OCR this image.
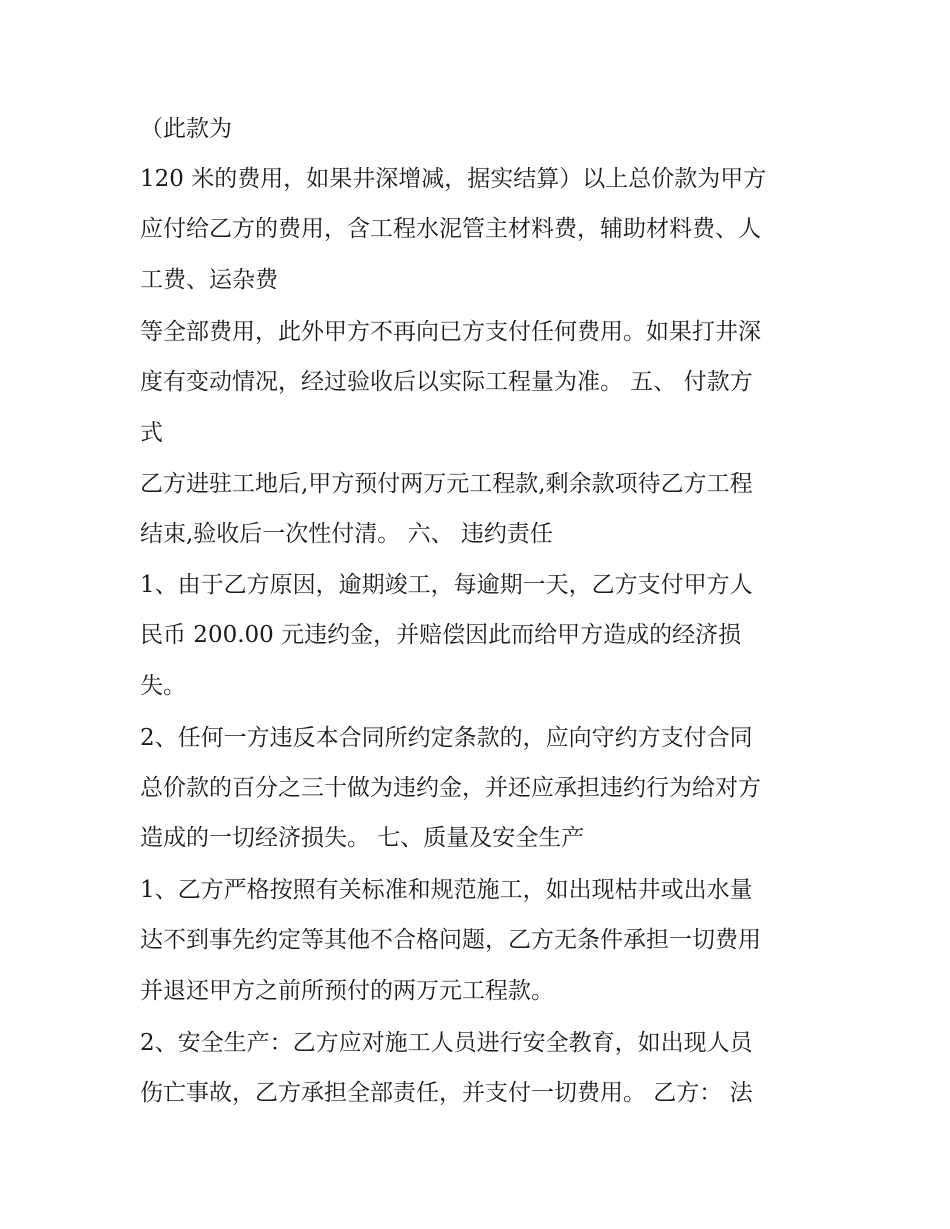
（此款为
120 米的费用，如果井深增减，据实结算）以上总价款为甲方
应付给乙方的费用，含工程水泥管主材料费，辅助材料费、人
工费、运杂费
等全部费用，此外甲方不再向已方支付任何费用。如果打井深
度有变动情况，经过验收后以实际工程量为准。 五、 付款方
式
乙方进驻工地后,甲方预付两万元工程款,剩余款项待乙方工程
结束,验收后一次性付清。 六、 违约责任
1、由于乙方原因，逾期竣工，每逾期一天，乙方支付甲方人
民币 200.00 元违约金，并赔偿因此而给甲方造成的经济损
失。
2、任何一方违反本合同所约定条款的，应向守约方支付合同
总价款的百分之三十做为违约金，并还应承担违约行为给对方
造成的一切经济损失。 七、质量及安全生产
1、乙方严格按照有关标准和规范施工，如出现枯井或出水量
达不到事先约定等其他不合格问题，乙方无条件承担一切费用
并退还甲方之前所预付的两万元工程款。
2、安全生产：乙方应对施工人员进行安全教育，如出现人员
伤亡事故，乙方承担全部责任，并支付一切费用。 乙方： 法
